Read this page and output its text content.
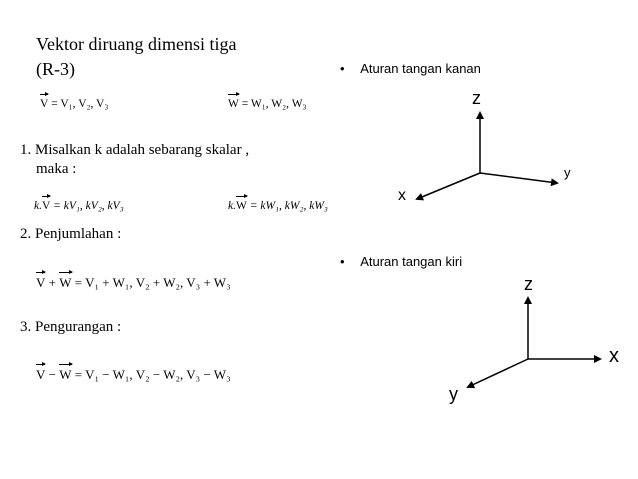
Vektor diruang dimensi tiga
(R-3)
V = V₁, V₂, V₃	W = W₁, W₂, W₃
1. Misalkan k adalah sebarang skalar ,
maka :
k.V = kV₁, kV₂, kV₃	k.W = kW₁, kW₂, kW₃
2. Penjumlahan :
V + W = V₁ + W₁, V₂ + W₂, V₃ + W₃
3. Pengurangan :
V − W = V₁ − W₁, V₂ − W₂, V₃ − W₃
• Aturan tangan kanan
• Aturan tangan kiri
z
y
x
z
x
y
